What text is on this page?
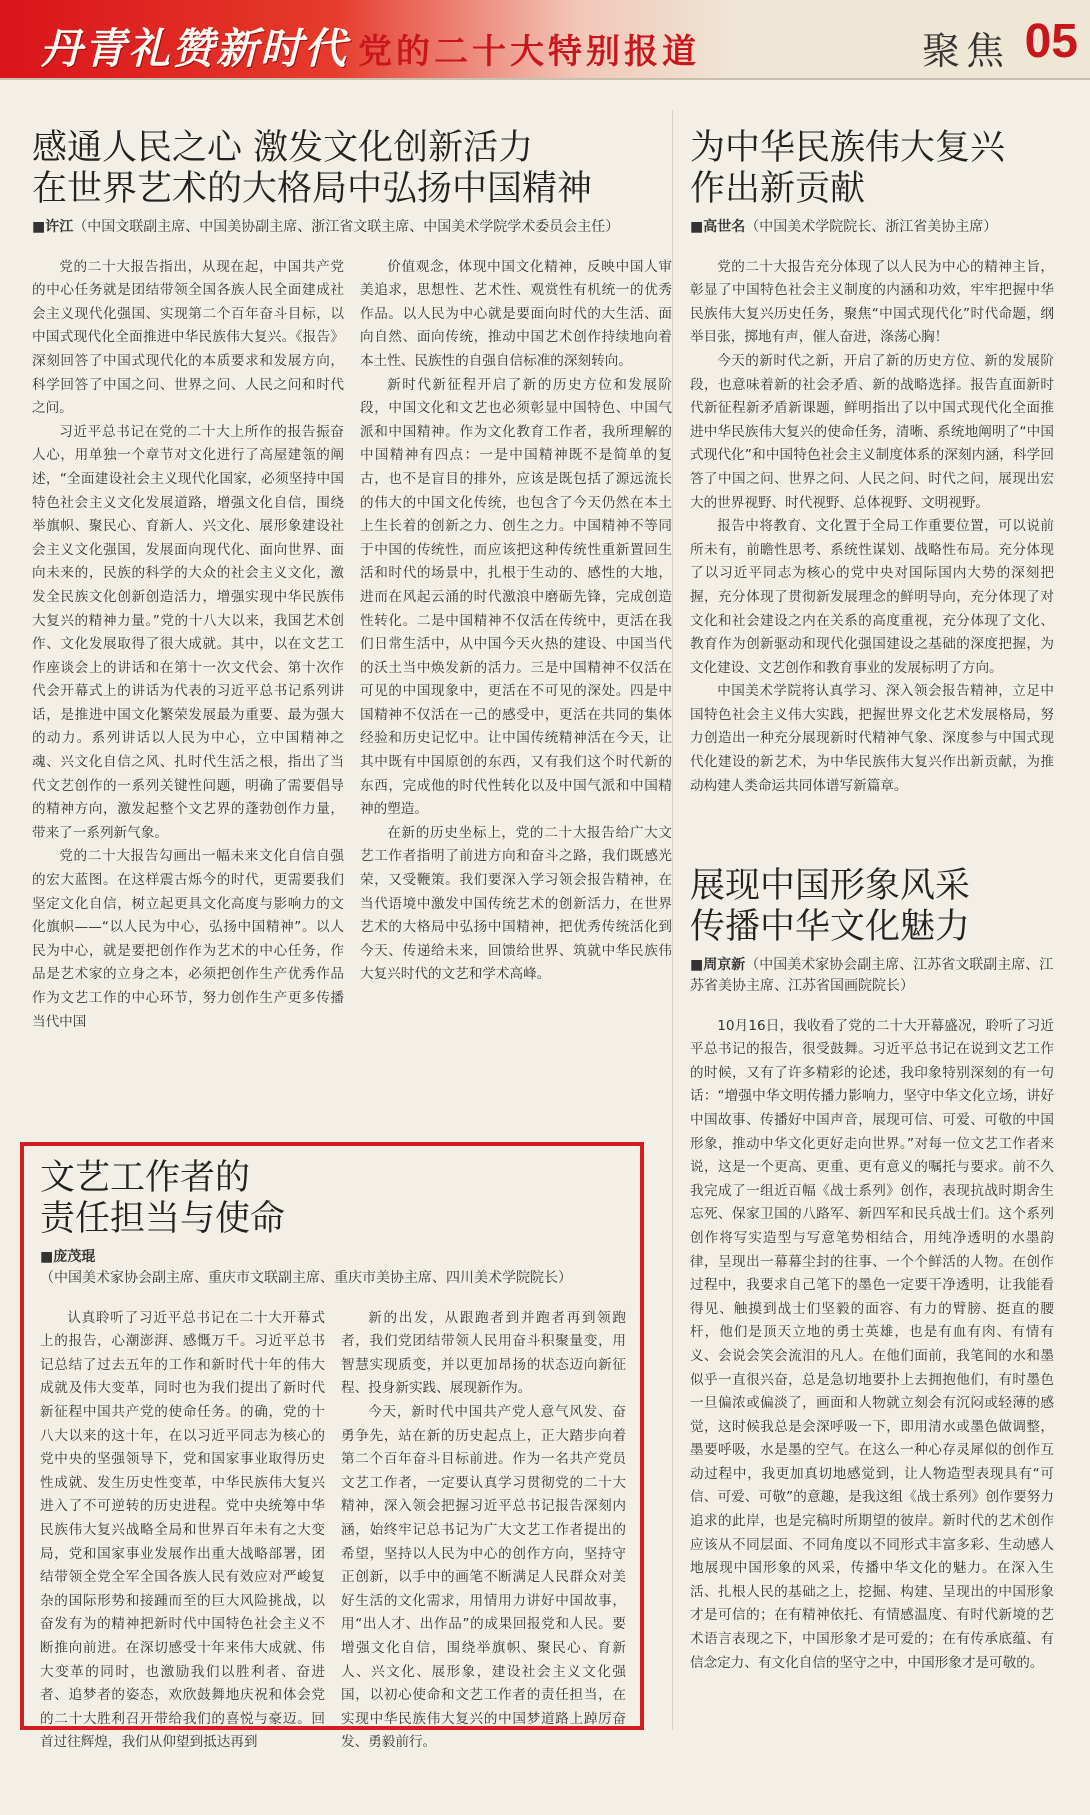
丹青礼赞新时代 党的二十大特别报道	聚焦 05
感通人民之心 激发文化创新活力
在世界艺术的大格局中弘扬中国精神
■许江（中国文联副主席、中国美协副主席、浙江省文联主席、中国美术学院学术委员会主任）

党的二十大报告指出，从现在起，中国共产党的中心任务就是团结带领全国各族人民全面建成社会主义现代化强国、实现第二个百年奋斗目标，以中国式现代化全面推进中华民族伟大复兴。《报告》深刻回答了中国式现代化的本质要求和发展方向，科学回答了中国之问、世界之问、人民之问和时代之问。

习近平总书记在党的二十大上所作的报告振奋人心，用单独一个章节对文化进行了高屋建瓴的阐述，“全面建设社会主义现代化国家，必须坚持中国特色社会主义文化发展道路，增强文化自信，围绕举旗帜、聚民心、育新人、兴文化、展形象建设社会主义文化强国，发展面向现代化、面向世界、面向未来的，民族的科学的大众的社会主义文化，激发全民族文化创新创造活力，增强实现中华民族伟大复兴的精神力量。”党的十八大以来，我国艺术创作、文化发展取得了很大成就。其中，以在文艺工作座谈会上的讲话和在第十一次文代会、第十次作代会开幕式上的讲话为代表的习近平总书记系列讲话，是推进中国文化繁荣发展最为重要、最为强大的动力。系列讲话以人民为中心，立中国精神之魂、兴文化自信之风、扎时代生活之根，指出了当代文艺创作的一系列关键性问题，明确了需要倡导的精神方向，激发起整个文艺界的蓬勃创作力量，带来了一系列新气象。

党的二十大报告勾画出一幅未来文化自信自强的宏大蓝图。在这样震古烁今的时代，更需要我们坚定文化自信，树立起更具文化高度与影响力的文化旗帜——“以人民为中心，弘扬中国精神”。以人民为中心，就是要把创作作为艺术的中心任务，作品是艺术家的立身之本，必须把创作生产优秀作品作为文艺工作的中心环节，努力创作生产更多传播当代中国

价值观念，体现中国文化精神，反映中国人审美追求，思想性、艺术性、观赏性有机统一的优秀作品。以人民为中心就是要面向时代的大生活、面向自然、面向传统，推动中国艺术创作持续地向着本土性、民族性的自强自信标准的深刻转向。

新时代新征程开启了新的历史方位和发展阶段，中国文化和文艺也必须彰显中国特色、中国气派和中国精神。作为文化教育工作者，我所理解的中国精神有四点：一是中国精神既不是简单的复古，也不是盲目的排外，应该是既包括了源远流长的伟大的中国文化传统，也包含了今天仍然在本土上生长着的创新之力、创生之力。中国精神不等同于中国的传统性，而应该把这种传统性重新置回生活和时代的场景中，扎根于生动的、感性的大地，进而在风起云涌的时代激浪中磨砺先锋，完成创造性转化。二是中国精神不仅活在传统中，更活在我们日常生活中，从中国今天火热的建设、中国当代的沃土当中焕发新的活力。三是中国精神不仅活在可见的中国现象中，更活在不可见的深处。四是中国精神不仅活在一己的感受中，更活在共同的集体经验和历史记忆中。让中国传统精神活在今天，让其中既有中国原创的东西，又有我们这个时代新的东西，完成他的时代性转化以及中国气派和中国精神的塑造。

在新的历史坐标上，党的二十大报告给广大文艺工作者指明了前进方向和奋斗之路，我们既感光荣，又受鞭策。我们要深入学习领会报告精神，在当代语境中激发中国传统艺术的创新活力，在世界艺术的大格局中弘扬中国精神，把优秀传统活化到今天、传递给未来，回馈给世界、筑就中华民族伟大复兴时代的文艺和学术高峰。

文艺工作者的
责任担当与使命
■庞茂琨（中国美术家协会副主席、重庆市文联副主席、重庆市美协主席、四川美术学院院长）

认真聆听了习近平总书记在二十大开幕式上的报告，心潮澎湃、感慨万千。习近平总书记总结了过去五年的工作和新时代十年的伟大成就及伟大变革，同时也为我们提出了新时代新征程中国共产党的使命任务。的确，党的十八大以来的这十年，在以习近平同志为核心的党中央的坚强领导下，党和国家事业取得历史性成就、发生历史性变革，中华民族伟大复兴进入了不可逆转的历史进程。党中央统筹中华民族伟大复兴战略全局和世界百年未有之大变局，党和国家事业发展作出重大战略部署，团结带领全党全军全国各族人民有效应对严峻复杂的国际形势和接踵而至的巨大风险挑战，以奋发有为的精神把新时代中国特色社会主义不断推向前进。在深切感受十年来伟大成就、伟大变革的同时，也激励我们以胜利者、奋进者、追梦者的姿态，欢欣鼓舞地庆祝和体会党的二十大胜利召开带给我们的喜悦与豪迈。回首过往辉煌，我们从仰望到抵达再到

新的出发，从跟跑者到并跑者再到领跑者，我们党团结带领人民用奋斗积聚量变，用智慧实现质变，并以更加昂扬的状态迈向新征程、投身新实践、展现新作为。

今天，新时代中国共产党人意气风发、奋勇争先，站在新的历史起点上，正大踏步向着第二个百年奋斗目标前进。作为一名共产党员文艺工作者，一定要认真学习贯彻党的二十大精神，深入领会把握习近平总书记报告深刻内涵，始终牢记总书记为广大文艺工作者提出的希望，坚持以人民为中心的创作方向，坚持守正创新，以手中的画笔不断满足人民群众对美好生活的文化需求，用情用力讲好中国故事，用“出人才、出作品”的成果回报党和人民。要增强文化自信，围绕举旗帜、聚民心、育新人、兴文化、展形象，建设社会主义文化强国，以初心使命和文艺工作者的责任担当，在实现中华民族伟大复兴的中国梦道路上踔厉奋发、勇毅前行。

为中华民族伟大复兴
作出新贡献
■高世名（中国美术学院院长、浙江省美协主席）

党的二十大报告充分体现了以人民为中心的精神主旨，彰显了中国特色社会主义制度的内涵和功效，牢牢把握中华民族伟大复兴历史任务，聚焦“中国式现代化”时代命题，纲举目张，掷地有声，催人奋进，涤荡心胸！

今天的新时代之新，开启了新的历史方位、新的发展阶段，也意味着新的社会矛盾、新的战略选择。报告直面新时代新征程新矛盾新课题，鲜明指出了以中国式现代化全面推进中华民族伟大复兴的使命任务，清晰、系统地阐明了“中国式现代化”和中国特色社会主义制度体系的深刻内涵，科学回答了中国之问、世界之问、人民之问、时代之问，展现出宏大的世界视野、时代视野、总体视野、文明视野。

报告中将教育、文化置于全局工作重要位置，可以说前所未有，前瞻性思考、系统性谋划、战略性布局。充分体现了以习近平同志为核心的党中央对国际国内大势的深刻把握，充分体现了贯彻新发展理念的鲜明导向，充分体现了对文化和社会建设之内在关系的高度重视，充分体现了文化、教育作为创新驱动和现代化强国建设之基础的深度把握，为文化建设、文艺创作和教育事业的发展标明了方向。

中国美术学院将认真学习、深入领会报告精神，立足中国特色社会主义伟大实践，把握世界文化艺术发展格局，努力创造出一种充分展现新时代精神气象、深度参与中国式现代化建设的新艺术，为中华民族伟大复兴作出新贡献，为推动构建人类命运共同体谱写新篇章。

展现中国形象风采
传播中华文化魅力
■周京新（中国美术家协会副主席、江苏省文联副主席、江苏省美协主席、江苏省国画院院长）

10月16日，我收看了党的二十大开幕盛况，聆听了习近平总书记的报告，很受鼓舞。习近平总书记在说到文艺工作的时候，又有了许多精彩的论述，我印象特别深刻的有一句话：“增强中华文明传播力影响力，坚守中华文化立场，讲好中国故事、传播好中国声音，展现可信、可爱、可敬的中国形象，推动中华文化更好走向世界。”对每一位文艺工作者来说，这是一个更高、更重、更有意义的嘱托与要求。前不久我完成了一组近百幅《战士系列》创作，表现抗战时期舍生忘死、保家卫国的八路军、新四军和民兵战士们。这个系列创作将写实造型与写意笔势相结合，用纯净透明的水墨韵律，呈现出一幕幕尘封的往事、一个个鲜活的人物。在创作过程中，我要求自己笔下的墨色一定要干净透明，让我能看得见、触摸到战士们坚毅的面容、有力的臂膀、挺直的腰杆，他们是顶天立地的勇士英雄，也是有血有肉、有情有义、会说会笑会流泪的凡人。在他们面前，我笔间的水和墨似乎一直很兴奋，总是急切地要扑上去拥抱他们，有时墨色一旦偏浓或偏淡了，画面和人物就立刻会有沉闷或轻薄的感觉，这时候我总是会深呼吸一下，即用清水或墨色做调整，墨要呼吸，水是墨的空气。在这么一种心存灵犀似的创作互动过程中，我更加真切地感觉到，让人物造型表现具有“可信、可爱、可敬”的意趣，是我这组《战士系列》创作要努力追求的此岸，也是完稿时所期望的彼岸。新时代的艺术创作应该从不同层面、不同角度以不同形式丰富多彩、生动感人地展现中国形象的风采，传播中华文化的魅力。在深入生活、扎根人民的基础之上，挖掘、构建、呈现出的中国形象才是可信的；在有精神依托、有情感温度、有时代新境的艺术语言表现之下，中国形象才是可爱的；在有传承底蕴、有信念定力、有文化自信的坚守之中，中国形象才是可敬的。
